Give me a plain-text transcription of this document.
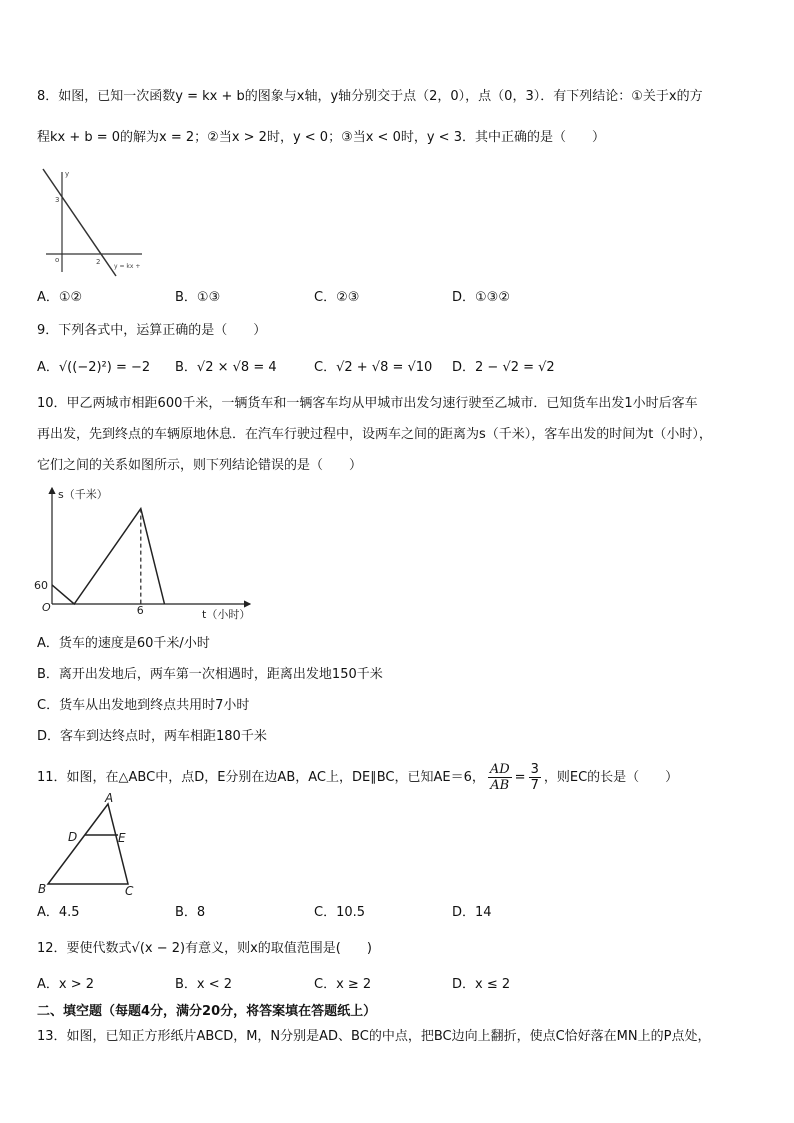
8．如图，已知一次函数y = kx + b的图象与x轴，y轴分别交于点（2，0），点（0，3）．有下列结论：①关于x的方
程kx + b = 0的解为x = 2；②当x > 2时，y < 0；③当x < 0时，y < 3．其中正确的是（　　）
y
3
o	2
y = kx +
A．①②	B．①③	C．②③	D．①③②
9．下列各式中，运算正确的是（　　）
A．√((−2)²) = −2 B．√2 × √8 = 4	C．√2 + √8 = √10 D．2 − √2 = √2
10．甲乙两城市相距600千米，一辆货车和一辆客车均从甲城市出发匀速行驶至乙城市．已知货车出发1小时后客车
再出发，先到终点的车辆原地休息．在汽车行驶过程中，设两车之间的距离为s（千米），客车出发的时间为t（小时），
它们之间的关系如图所示，则下列结论错误的是（　　）
s（千米）
t（小时）
O
60
6
A．货车的速度是60千米/小时
B．离开出发地后，两车第一次相遇时，距离出发地150千米
C．货车从出发地到终点共用时7小时
D．客车到达终点时，两车相距180千米
11．如图，在△ABC中，点D，E分别在边AB，AC上，DE∥BC，已知AE＝6， $\frac{AD}{AB} = \frac{3}{7}$ ，则EC的长是（　　）
A
D	E
B	C
A．4.5	B．8	C．10.5	D．14
12．要使代数式√(x − 2)有意义，则x的取值范围是(　　)
A．x > 2	B．x < 2	C．x ≥ 2	D．x ≤ 2
二、填空题（每题4分，满分20分，将答案填在答题纸上）
13．如图，已知正方形纸片ABCD，M，N分别是AD、BC的中点，把BC边向上翻折，使点C恰好落在MN上的P点处，
